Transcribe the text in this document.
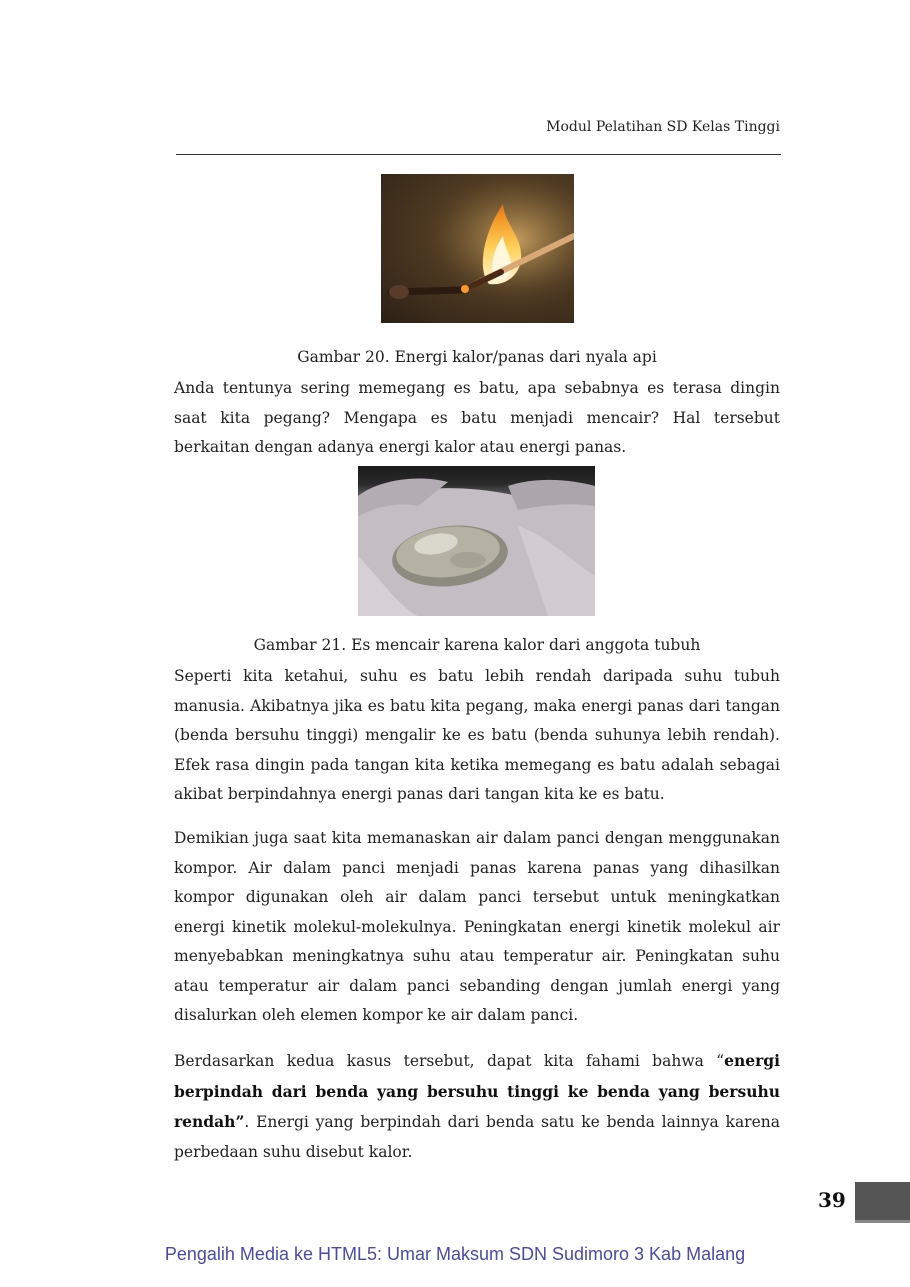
Modul Pelatihan SD Kelas Tinggi
Gambar 20. Energi kalor/panas dari nyala api

Anda tentunya sering memegang es batu, apa sebabnya es terasa dingin saat kita pegang? Mengapa es batu menjadi mencair? Hal tersebut berkaitan dengan adanya energi kalor atau energi panas.

Gambar 21. Es mencair karena kalor dari anggota tubuh

Seperti kita ketahui, suhu es batu lebih rendah daripada suhu tubuh manusia. Akibatnya jika es batu kita pegang, maka energi panas dari tangan (benda bersuhu tinggi) mengalir ke es batu (benda suhunya lebih rendah). Efek rasa dingin pada tangan kita ketika memegang es batu adalah sebagai akibat berpindahnya energi panas dari tangan kita ke es batu.

Demikian juga saat kita memanaskan air dalam panci dengan menggunakan kompor. Air dalam panci menjadi panas karena panas yang dihasilkan kompor digunakan oleh air dalam panci tersebut untuk meningkatkan energi kinetik molekul-molekulnya. Peningkatan energi kinetik molekul air menyebabkan meningkatnya suhu atau temperatur air. Peningkatan suhu atau temperatur air dalam panci sebanding dengan jumlah energi yang disalurkan oleh elemen kompor ke air dalam panci.

Berdasarkan kedua kasus tersebut, dapat kita fahami bahwa “energi berpindah dari benda yang bersuhu tinggi ke benda yang bersuhu rendah”. Energi yang berpindah dari benda satu ke benda lainnya karena perbedaan suhu disebut kalor.

39
Pengalih Media ke HTML5: Umar Maksum SDN Sudimoro 3 Kab Malang
